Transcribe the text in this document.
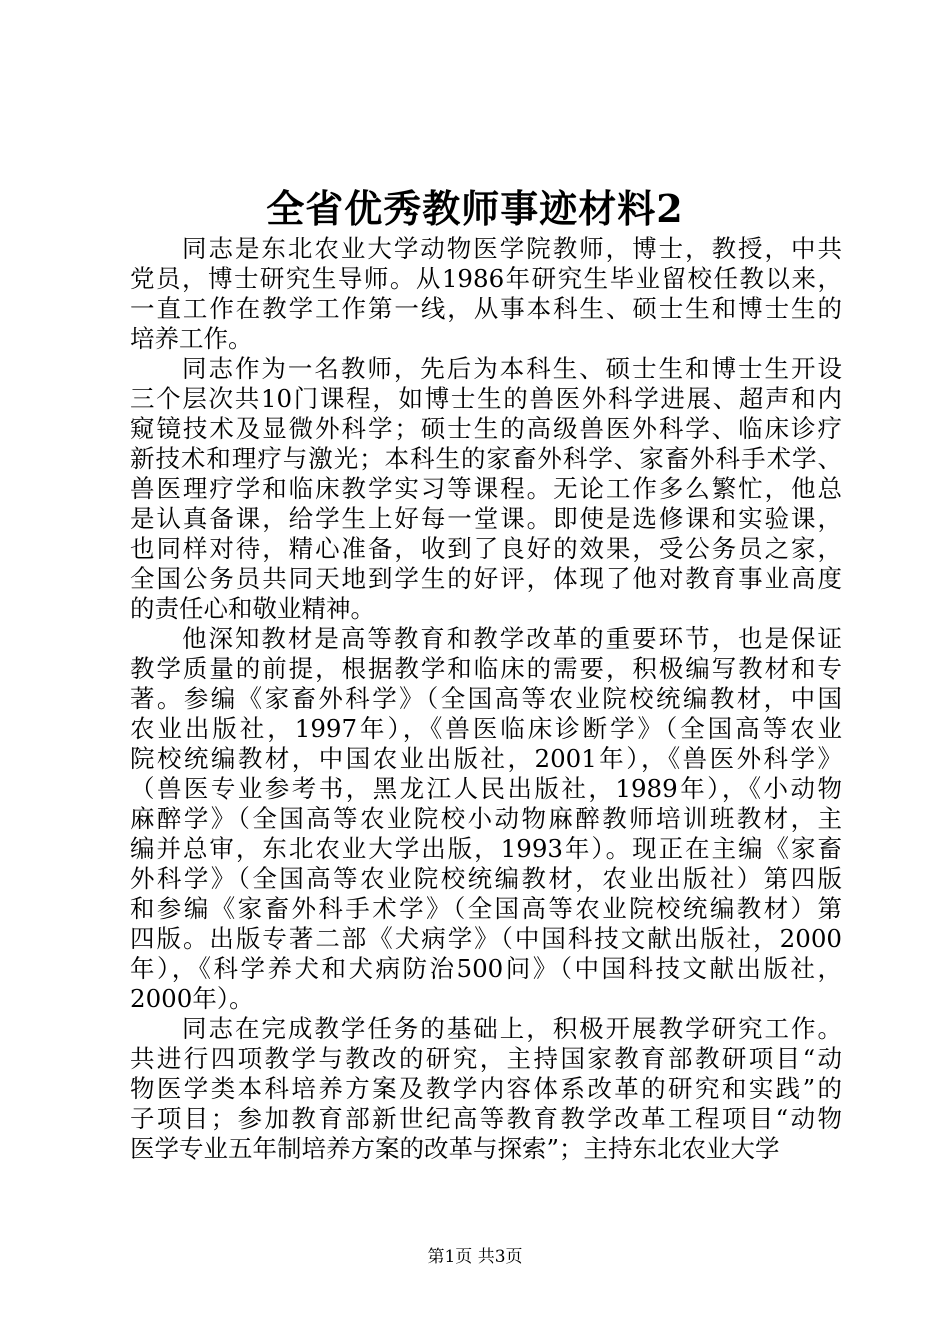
全省优秀教师事迹材料2
同志是东北农业大学动物医学院教师，博士，教授，中共
党员，博士研究生导师。从1986年研究生毕业留校任教以来，
一直工作在教学工作第一线，从事本科生、硕士生和博士生的
培养工作。
同志作为一名教师，先后为本科生、硕士生和博士生开设
三个层次共10门课程，如博士生的兽医外科学进展、超声和内
窥镜技术及显微外科学；硕士生的高级兽医外科学、临床诊疗
新技术和理疗与激光；本科生的家畜外科学、家畜外科手术学、
兽医理疗学和临床教学实习等课程。无论工作多么繁忙，他总
是认真备课，给学生上好每一堂课。即使是选修课和实验课，
也同样对待，精心准备，收到了良好的效果，受公务员之家，
全国公务员共同天地到学生的好评，体现了他对教育事业高度
的责任心和敬业精神。
他深知教材是高等教育和教学改革的重要环节，也是保证
教学质量的前提，根据教学和临床的需要，积极编写教材和专
著。参编《家畜外科学》（全国高等农业院校统编教材，中国
农业出版社，1997年），《兽医临床诊断学》（全国高等农业
院校统编教材，中国农业出版社，2001年），《兽医外科学》
（兽医专业参考书，黑龙江人民出版社，1989年），《小动物
麻醉学》（全国高等农业院校小动物麻醉教师培训班教材，主
编并总审，东北农业大学出版，1993年）。现正在主编《家畜
外科学》（全国高等农业院校统编教材，农业出版社）第四版
和参编《家畜外科手术学》（全国高等农业院校统编教材）第
四版。出版专著二部《犬病学》（中国科技文献出版社，2000
年），《科学养犬和犬病防治500问》（中国科技文献出版社，
2000年）。
同志在完成教学任务的基础上，积极开展教学研究工作。
共进行四项教学与教改的研究，主持国家教育部教研项目“动
物医学类本科培养方案及教学内容体系改革的研究和实践”的
子项目；参加教育部新世纪高等教育教学改革工程项目“动物
医学专业五年制培养方案的改革与探索”；主持东北农业大学
第1页 共3页
